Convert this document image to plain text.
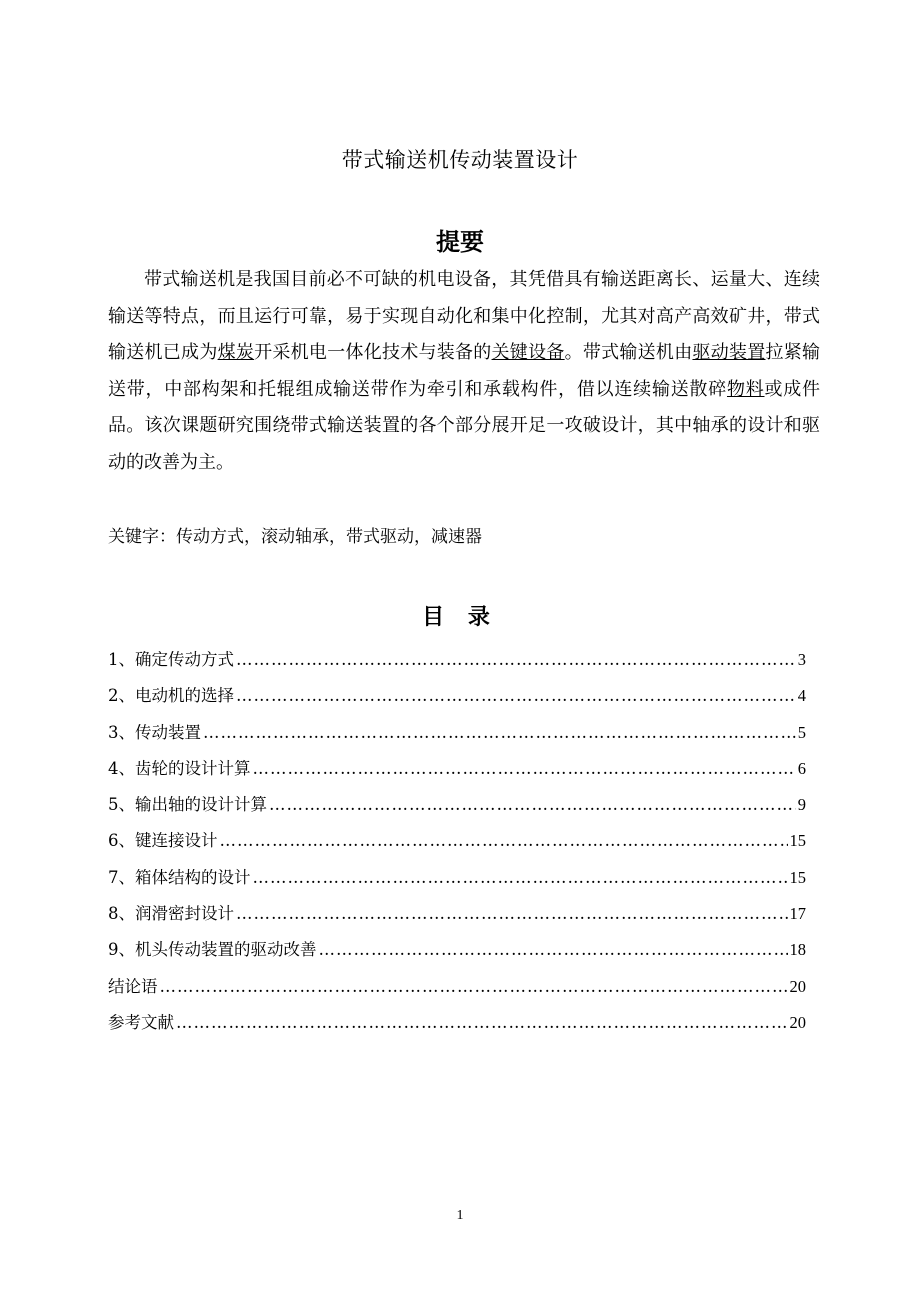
带式输送机传动装置设计
提要

带式输送机是我国目前必不可缺的机电设备，其凭借具有输送距离长、运量大、连续输送等特点，而且运行可靠，易于实现自动化和集中化控制，尤其对高产高效矿井，带式输送机已成为煤炭开采机电一体化技术与装备的关键设备。带式输送机由驱动装置拉紧输送带，中部构架和托辊组成输送带作为牵引和承载构件，借以连续输送散碎物料或成件品。该次课题研究围绕带式输送装置的各个部分展开足一攻破设计，其中轴承的设计和驱动的改善为主。

关键字：传动方式，滚动轴承，带式驱动，减速器

目 录
1、确定传动方式 ……………………………………………………………………………………………………………………………………………………	3
2、电动机的选择 ……………………………………………………………………………………………………………………………………………………	4
3、传动装置 ……………………………………………………………………………………………………………………………………………………	5
4、齿轮的设计计算 ……………………………………………………………………………………………………………………………………………………	6
5、输出轴的设计计算 ……………………………………………………………………………………………………………………………………………………	9
6、键连接设计 ……………………………………………………………………………………………………………………………………………………	15
7、箱体结构的设计 ……………………………………………………………………………………………………………………………………………………	15
8、润滑密封设计 ……………………………………………………………………………………………………………………………………………………	17
9、机头传动装置的驱动改善 ……………………………………………………………………………………………………………………………………………………	18
结论语 ……………………………………………………………………………………………………………………………………………………	20
参考文献 ……………………………………………………………………………………………………………………………………………………	20
1
